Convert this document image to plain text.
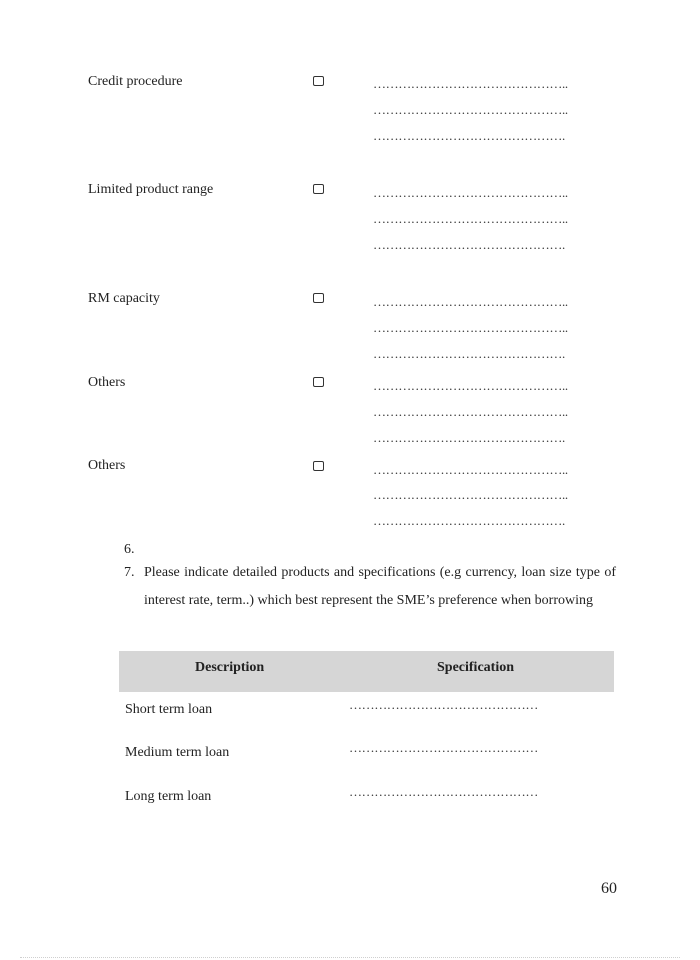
Credit procedure	………………………………………..
………………………………………..
……………………………………….
Limited product range	………………………………………..
………………………………………..
……………………………………….
RM capacity	………………………………………..
………………………………………..
……………………………………….
Others	………………………………………..
………………………………………..
……………………………………….
Others	………………………………………..
………………………………………..
……………………………………….
6.
7. Please indicate detailed products and specifications (e.g currency, loan size type of interest rate, term..) which best represent the SME’s preference when borrowing
Description	Specification
Short term loan	………………………………………
Medium term loan	………………………………………
Long term loan	………………………………………
60
